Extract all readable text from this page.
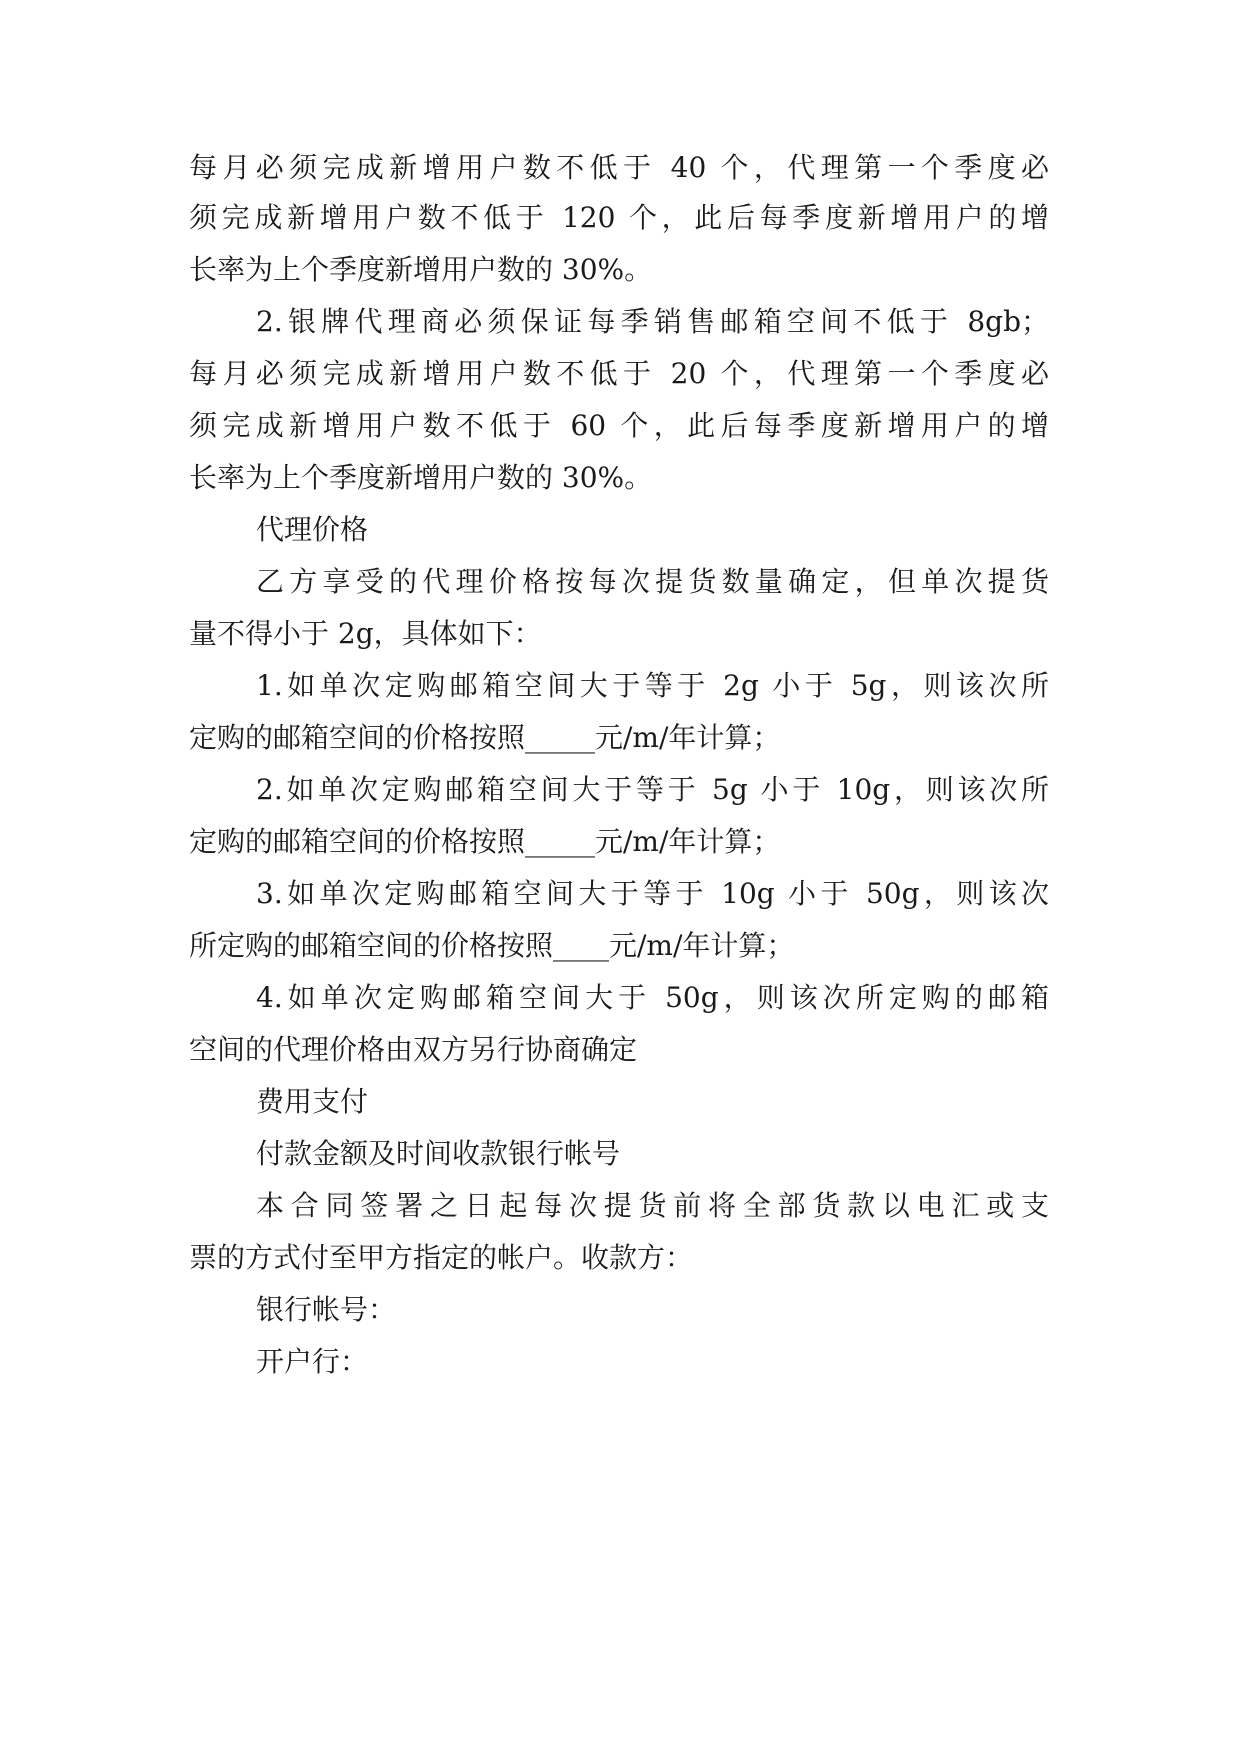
每月必须完成新增用户数不低于 40 个，代理第一个季度必

须完成新增用户数不低于 120 个，此后每季度新增用户的增

长率为上个季度新增用户数的 30%。

2.银牌代理商必须保证每季销售邮箱空间不低于 8gb；

每月必须完成新增用户数不低于 20 个，代理第一个季度必

须完成新增用户数不低于 60 个，此后每季度新增用户的增

长率为上个季度新增用户数的 30%。

代理价格

乙方享受的代理价格按每次提货数量确定，但单次提货

量不得小于 2g，具体如下：

1.如单次定购邮箱空间大于等于 2g 小于 5g，则该次所

定购的邮箱空间的价格按照_____元/m/年计算；

2.如单次定购邮箱空间大于等于 5g 小于 10g，则该次所

定购的邮箱空间的价格按照_____元/m/年计算；

3.如单次定购邮箱空间大于等于 10g 小于 50g，则该次

所定购的邮箱空间的价格按照____元/m/年计算；

4.如单次定购邮箱空间大于 50g，则该次所定购的邮箱

空间的代理价格由双方另行协商确定

费用支付

付款金额及时间收款银行帐号

本合同签署之日起每次提货前将全部货款以电汇或支

票的方式付至甲方指定的帐户。收款方：

银行帐号：

开户行：
